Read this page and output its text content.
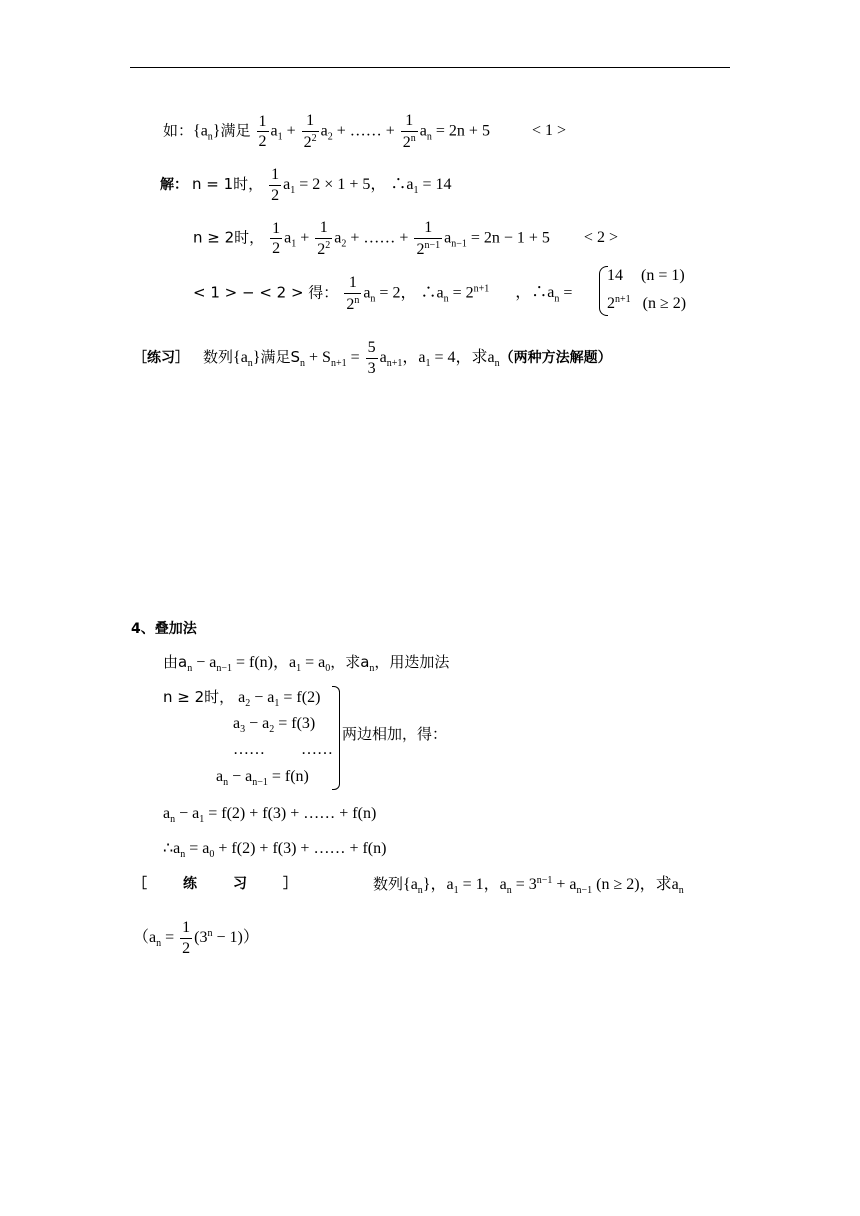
如：$\{a_n\}$满足 $\frac{1}{2} a_1 + \frac{1}{2^2} a_2$ + …… + $\frac{1}{2^n} a_n = 2n + 5$	< 1 >
解： n = 1时， $\frac{1}{2} a_1 = 2 \times 1 + 5$， $\therefore a_1 = 14$
n ≥ 2时， $\frac{1}{2} a_1 + \frac{1}{2^2} a_2$ + …… + $\frac{1}{2^{n-1}} a_{n-1} = 2n - 1 + 5 < 2$ >
< 1 > − < 2 > 得： $\frac{1}{2^n} a_n = 2$， $\therefore a_n = 2^{n+1}$ ，$\therefore a_n$ =
14 (n = 1)
$2^{n+1}$ (n ≥ 2)
［练习］ 数列$\{a_n\}$满足$S_n + S_{n+1} = \frac{5}{3} a_{n+1}$，$a_1 = 4$，求$a_n$（两种方法解题）
4、叠加法
由$a_n - a_{n-1} = f(n)$，$a_1 = a_0$，求$a_n$，用迭加法
n ≥ 2时， $a_2 - a_1 = f(2)$
$a_3 - a_2 = f(3)$
…… ……
$a_n - a_{n-1} = f(n)$
两边相加，得：
$a_n - a_1 = f(2) + f(3)$ + …… + f(n)
$\therefore a_n = a_0 + f(2) + f(3)$ + …… + f(n)
［	练	习	］	数列$\{a_n\}$，$a_1 = 1$，$a_n = 3^{n-1} + a_{n-1}$ (n ≥ 2)，求$a_n$
$(a_n = \frac{1}{2} (3^n - 1))$
